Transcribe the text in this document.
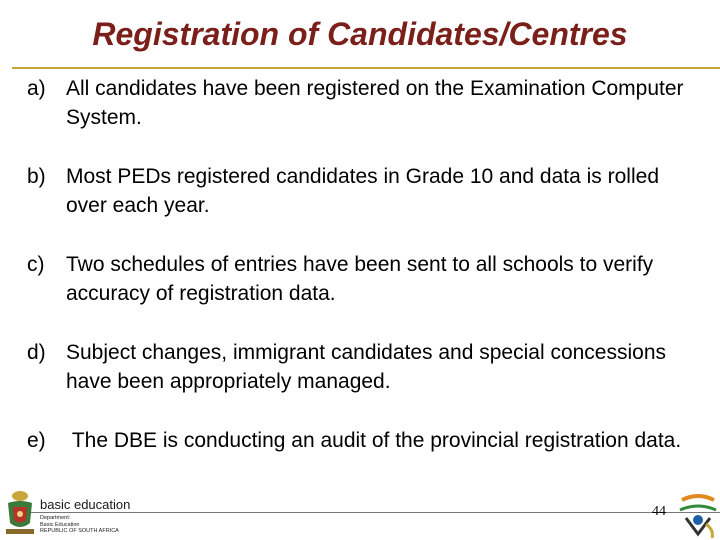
Registration of Candidates/Centres
a) All candidates have been registered on the Examination Computer System.
b) Most PEDs registered candidates in Grade 10 and data is rolled over each year.
c) Two schedules of entries have been sent to all schools to verify accuracy of registration data.
d) Subject changes, immigrant candidates and special concessions have been appropriately managed.
e) The DBE is conducting an audit of the provincial registration data.
basic education
Department:
Basic Education
REPUBLIC OF SOUTH AFRICA
44
